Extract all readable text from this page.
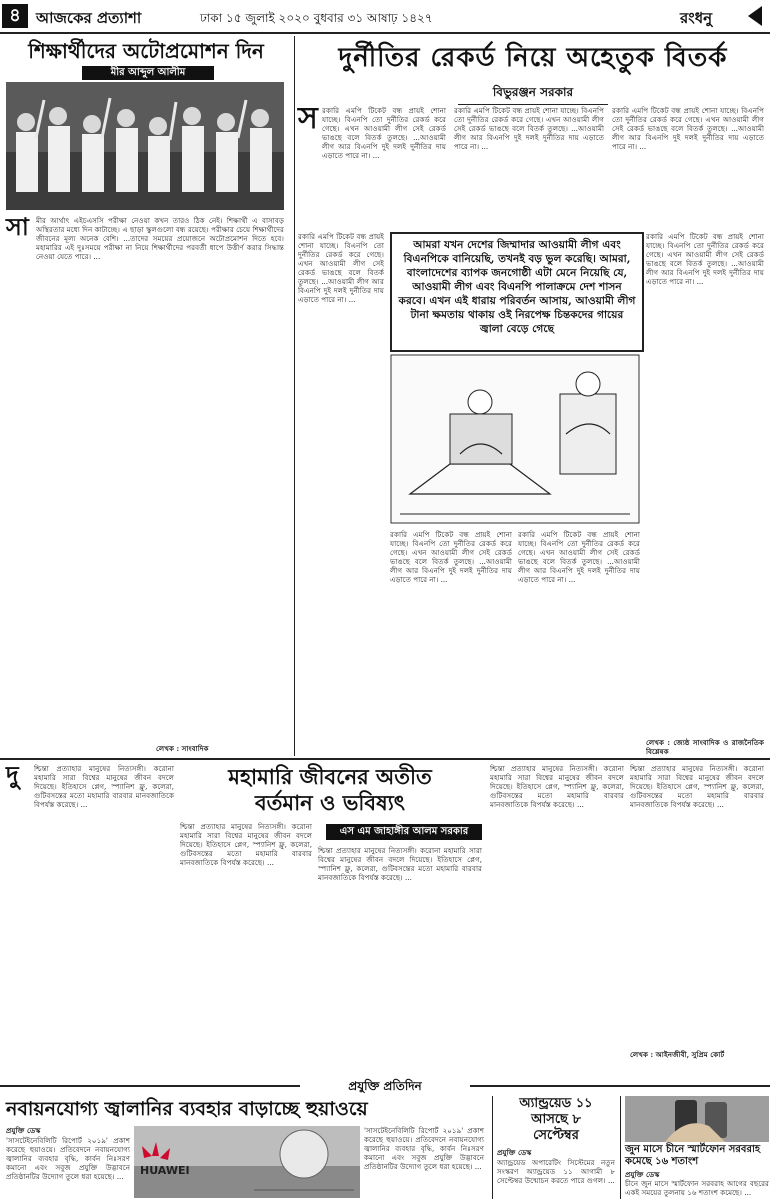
৪	আজকের প্রত্যাশা	ঢাকা ১৫ জুলাই ২০২০ বুধবার ৩১ আষাঢ় ১৪২৭	রংধনু
শিক্ষার্থীদের অটোপ্রমোশন দিন
মীর আব্দুল আলীম
সা মীর আর্থাৎ এইচএসসি পরীক্ষা নেওয়া কখন তারও ঠিক নেই। শিক্ষার্থী এ বাসাবড় অস্থিরতার মধ্যে দিন কাটাচ্ছে। এ ছাড়া স্কুলগুলো বন্ধ রয়েছে। পরীক্ষার চেয়ে শিক্ষার্থীদের জীবনের মূল্য অনেক বেশি। ...তাদের সময়ের প্রয়োজনে অটোপ্রমোশন দিতে হবে। মহামারির এই দুঃসময়ে পরীক্ষা না নিয়ে শিক্ষার্থীদের পরবর্তী ধাপে উত্তীর্ণ করার সিদ্ধান্ত নেওয়া যেতে পারে। ...
লেখক : সাংবাদিক
দুর্নীতির রেকর্ড নিয়ে অহেতুক বিতর্ক
বিভুরঞ্জন সরকার
স রকারি এমপি টিকেট বন্ধ প্রায়ই শোনা যাচ্ছে। বিএনপি তো দুর্নীতির রেকর্ড করে গেছে। এখন আওয়ামী লীগ সেই রেকর্ড ভাঙছে বলে বিতর্ক তুলছে। ...আওয়ামী লীগ আর বিএনপি দুই দলই দুর্নীতির দায় এড়াতে পারে না। ...
রকারি এমপি টিকেট বন্ধ প্রায়ই শোনা যাচ্ছে। বিএনপি তো দুর্নীতির রেকর্ড করে গেছে। এখন আওয়ামী লীগ সেই রেকর্ড ভাঙছে বলে বিতর্ক তুলছে। ...আওয়ামী লীগ আর বিএনপি দুই দলই দুর্নীতির দায় এড়াতে পারে না। ...
রকারি এমপি টিকেট বন্ধ প্রায়ই শোনা যাচ্ছে। বিএনপি তো দুর্নীতির রেকর্ড করে গেছে। এখন আওয়ামী লীগ সেই রেকর্ড ভাঙছে বলে বিতর্ক তুলছে। ...আওয়ামী লীগ আর বিএনপি দুই দলই দুর্নীতির দায় এড়াতে পারে না। ...
আমরা যখন দেশের জিম্মাদার আওয়ামী লীগ এবং বিএনপিকে বানিয়েছি, তখনই বড় ভুল করেছি। আমরা, বাংলাদেশের ব্যাপক জনগোষ্ঠী এটা মেনে নিয়েছি যে, আওয়ামী লীগ এবং বিএনপি পালাক্রমে দেশ শাসন করবে। এখন এই ধারায় পরিবর্তন আসায়, আওয়ামী লীগ টানা ক্ষমতায় থাকায় ওই নিরপেক্ষ চিন্তকদের গায়ের জ্বালা বেড়ে গেছে
রকারি এমপি টিকেট বন্ধ প্রায়ই শোনা যাচ্ছে। বিএনপি তো দুর্নীতির রেকর্ড করে গেছে। এখন আওয়ামী লীগ সেই রেকর্ড ভাঙছে বলে বিতর্ক তুলছে। ...আওয়ামী লীগ আর বিএনপি দুই দলই দুর্নীতির দায় এড়াতে পারে না। ...
রকারি এমপি টিকেট বন্ধ প্রায়ই শোনা যাচ্ছে। বিএনপি তো দুর্নীতির রেকর্ড করে গেছে। এখন আওয়ামী লীগ সেই রেকর্ড ভাঙছে বলে বিতর্ক তুলছে। ...আওয়ামী লীগ আর বিএনপি দুই দলই দুর্নীতির দায় এড়াতে পারে না। ...
রকারি এমপি টিকেট বন্ধ প্রায়ই শোনা যাচ্ছে। বিএনপি তো দুর্নীতির রেকর্ড করে গেছে। এখন আওয়ামী লীগ সেই রেকর্ড ভাঙছে বলে বিতর্ক তুলছে। ...আওয়ামী লীগ আর বিএনপি দুই দলই দুর্নীতির দায় এড়াতে পারে না। ...
রকারি এমপি টিকেট বন্ধ প্রায়ই শোনা যাচ্ছে। বিএনপি তো দুর্নীতির রেকর্ড করে গেছে। এখন আওয়ামী লীগ সেই রেকর্ড ভাঙছে বলে বিতর্ক তুলছে। ...আওয়ামী লীগ আর বিএনপি দুই দলই দুর্নীতির দায় এড়াতে পারে না। ...
লেখক : জ্যেষ্ঠ সাংবাদিক ও রাজনৈতিক বিশ্লেষক
দু শ্চিন্তা প্রত্যাহার মানুষের নিত্যসঙ্গী। করোনা মহামারি সারা বিশ্বের মানুষের জীবন বদলে দিয়েছে। ইতিহাসে প্লেগ, স্প্যানিশ ফ্লু, কলেরা, গুটিবসন্তের মতো মহামারি বারবার মানবজাতিকে বিপর্যস্ত করেছে। ...
শ্চিন্তা প্রত্যাহার মানুষের নিত্যসঙ্গী। করোনা মহামারি সারা বিশ্বের মানুষের জীবন বদলে দিয়েছে। ইতিহাসে প্লেগ, স্প্যানিশ ফ্লু, কলেরা, গুটিবসন্তের মতো মহামারি বারবার মানবজাতিকে বিপর্যস্ত করেছে। ...
মহামারি জীবনের অতীত
বর্তমান ও ভবিষ্যৎ
এস এম জাহাঙ্গীর আলম সরকার
শ্চিন্তা প্রত্যাহার মানুষের নিত্যসঙ্গী। করোনা মহামারি সারা বিশ্বের মানুষের জীবন বদলে দিয়েছে। ইতিহাসে প্লেগ, স্প্যানিশ ফ্লু, কলেরা, গুটিবসন্তের মতো মহামারি বারবার মানবজাতিকে বিপর্যস্ত করেছে। ...
শ্চিন্তা প্রত্যাহার মানুষের নিত্যসঙ্গী। করোনা মহামারি সারা বিশ্বের মানুষের জীবন বদলে দিয়েছে। ইতিহাসে প্লেগ, স্প্যানিশ ফ্লু, কলেরা, গুটিবসন্তের মতো মহামারি বারবার মানবজাতিকে বিপর্যস্ত করেছে। ...
শ্চিন্তা প্রত্যাহার মানুষের নিত্যসঙ্গী। করোনা মহামারি সারা বিশ্বের মানুষের জীবন বদলে দিয়েছে। ইতিহাসে প্লেগ, স্প্যানিশ ফ্লু, কলেরা, গুটিবসন্তের মতো মহামারি বারবার মানবজাতিকে বিপর্যস্ত করেছে। ...
লেখক : আইনজীবী, সুপ্রিম কোর্ট
প্রযুক্তি প্রতিদিন
নবায়নযোগ্য জ্বালানির ব্যবহার বাড়াচ্ছে হুয়াওয়ে
প্রযুক্তি ডেস্ক
'সাসটেইনেবিলিটি রিপোর্ট ২০১৯' প্রকাশ করেছে হুয়াওয়ে। প্রতিবেদনে নবায়নযোগ্য জ্বালানির ব্যবহার বৃদ্ধি, কার্বন নিঃসরণ কমানো এবং সবুজ প্রযুক্তি উদ্ভাবনে প্রতিষ্ঠানটির উদ্যোগ তুলে ধরা হয়েছে। ...	HUAWEI
'সাসটেইনেবিলিটি রিপোর্ট ২০১৯' প্রকাশ করেছে হুয়াওয়ে। প্রতিবেদনে নবায়নযোগ্য জ্বালানির ব্যবহার বৃদ্ধি, কার্বন নিঃসরণ কমানো এবং সবুজ প্রযুক্তি উদ্ভাবনে প্রতিষ্ঠানটির উদ্যোগ তুলে ধরা হয়েছে। ...
অ্যান্ড্রয়েড ১১
আসছে ৮
সেপ্টেম্বর
প্রযুক্তি ডেস্ক
অ্যান্ড্রয়েড অপারেটিং সিস্টেমের নতুন সংস্করণ অ্যান্ড্রয়েড ১১ আগামী ৮ সেপ্টেম্বর উন্মোচন করতে পারে গুগল। ...
জুন মাসে চীনে স্মার্টফোন সরবরাহ
কমেছে ১৬ শতাংশ
প্রযুক্তি ডেস্ক
চীনে জুন মাসে স্মার্টফোন সরবরাহ আগের বছরের একই সময়ের তুলনায় ১৬ শতাংশ কমেছে। ...
